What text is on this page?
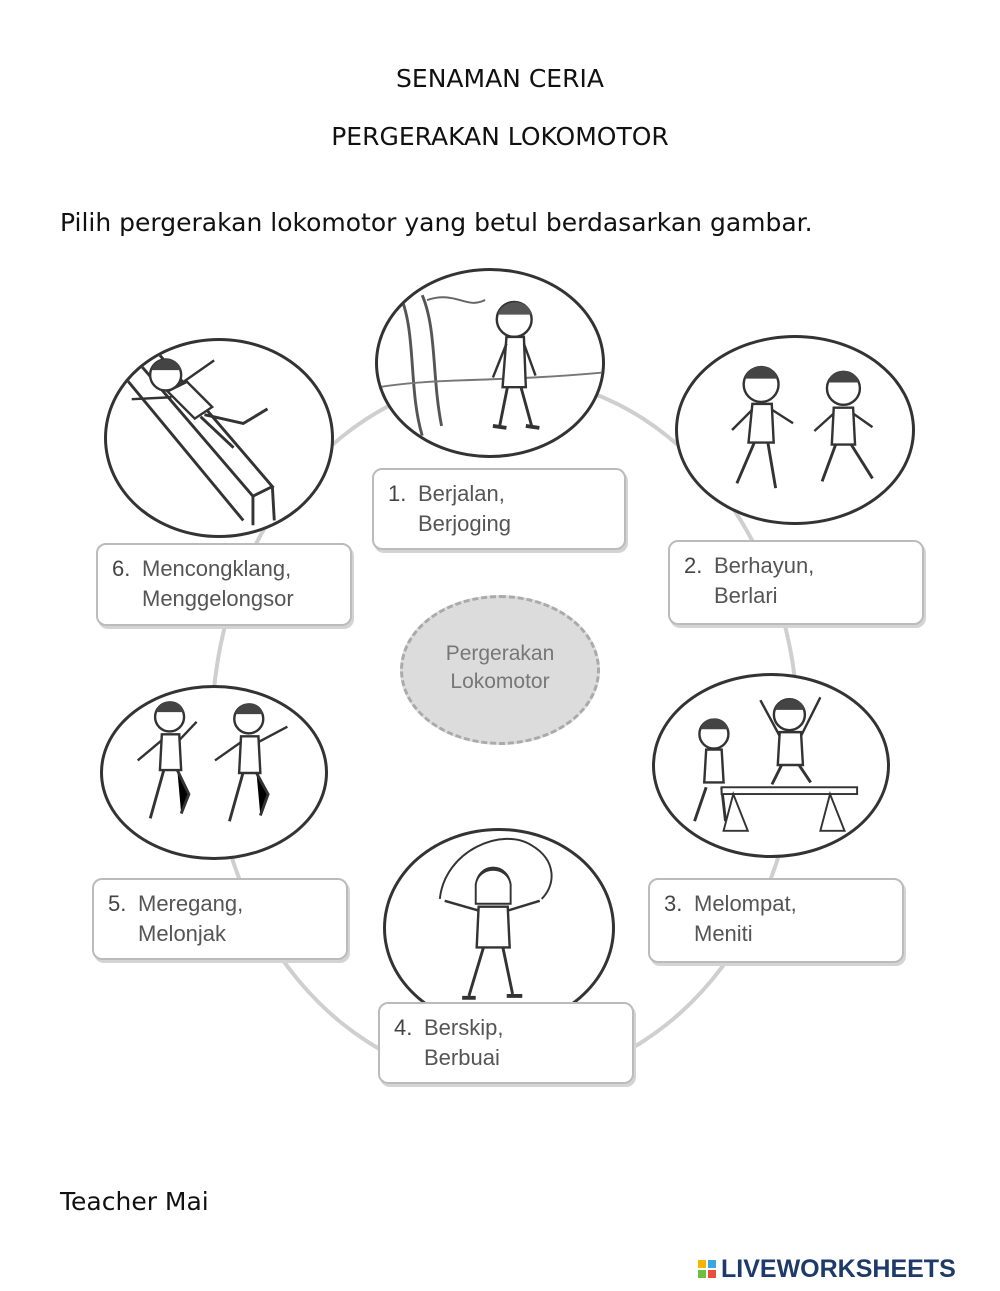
SENAMAN CERIA
PERGERAKAN LOKOMOTOR
Pilih pergerakan lokomotor yang betul berdasarkan gambar.
Pergerakan
Lokomotor
1. Berjalan,
Berjoging
2. Berhayun,
Berlari
3. Melompat,
Meniti
4. Berskip,
Berbuai
5. Meregang,
Melonjak
6. Mencongklang,
Menggelongsor
Teacher Mai
LIVEWORKSHEETS
